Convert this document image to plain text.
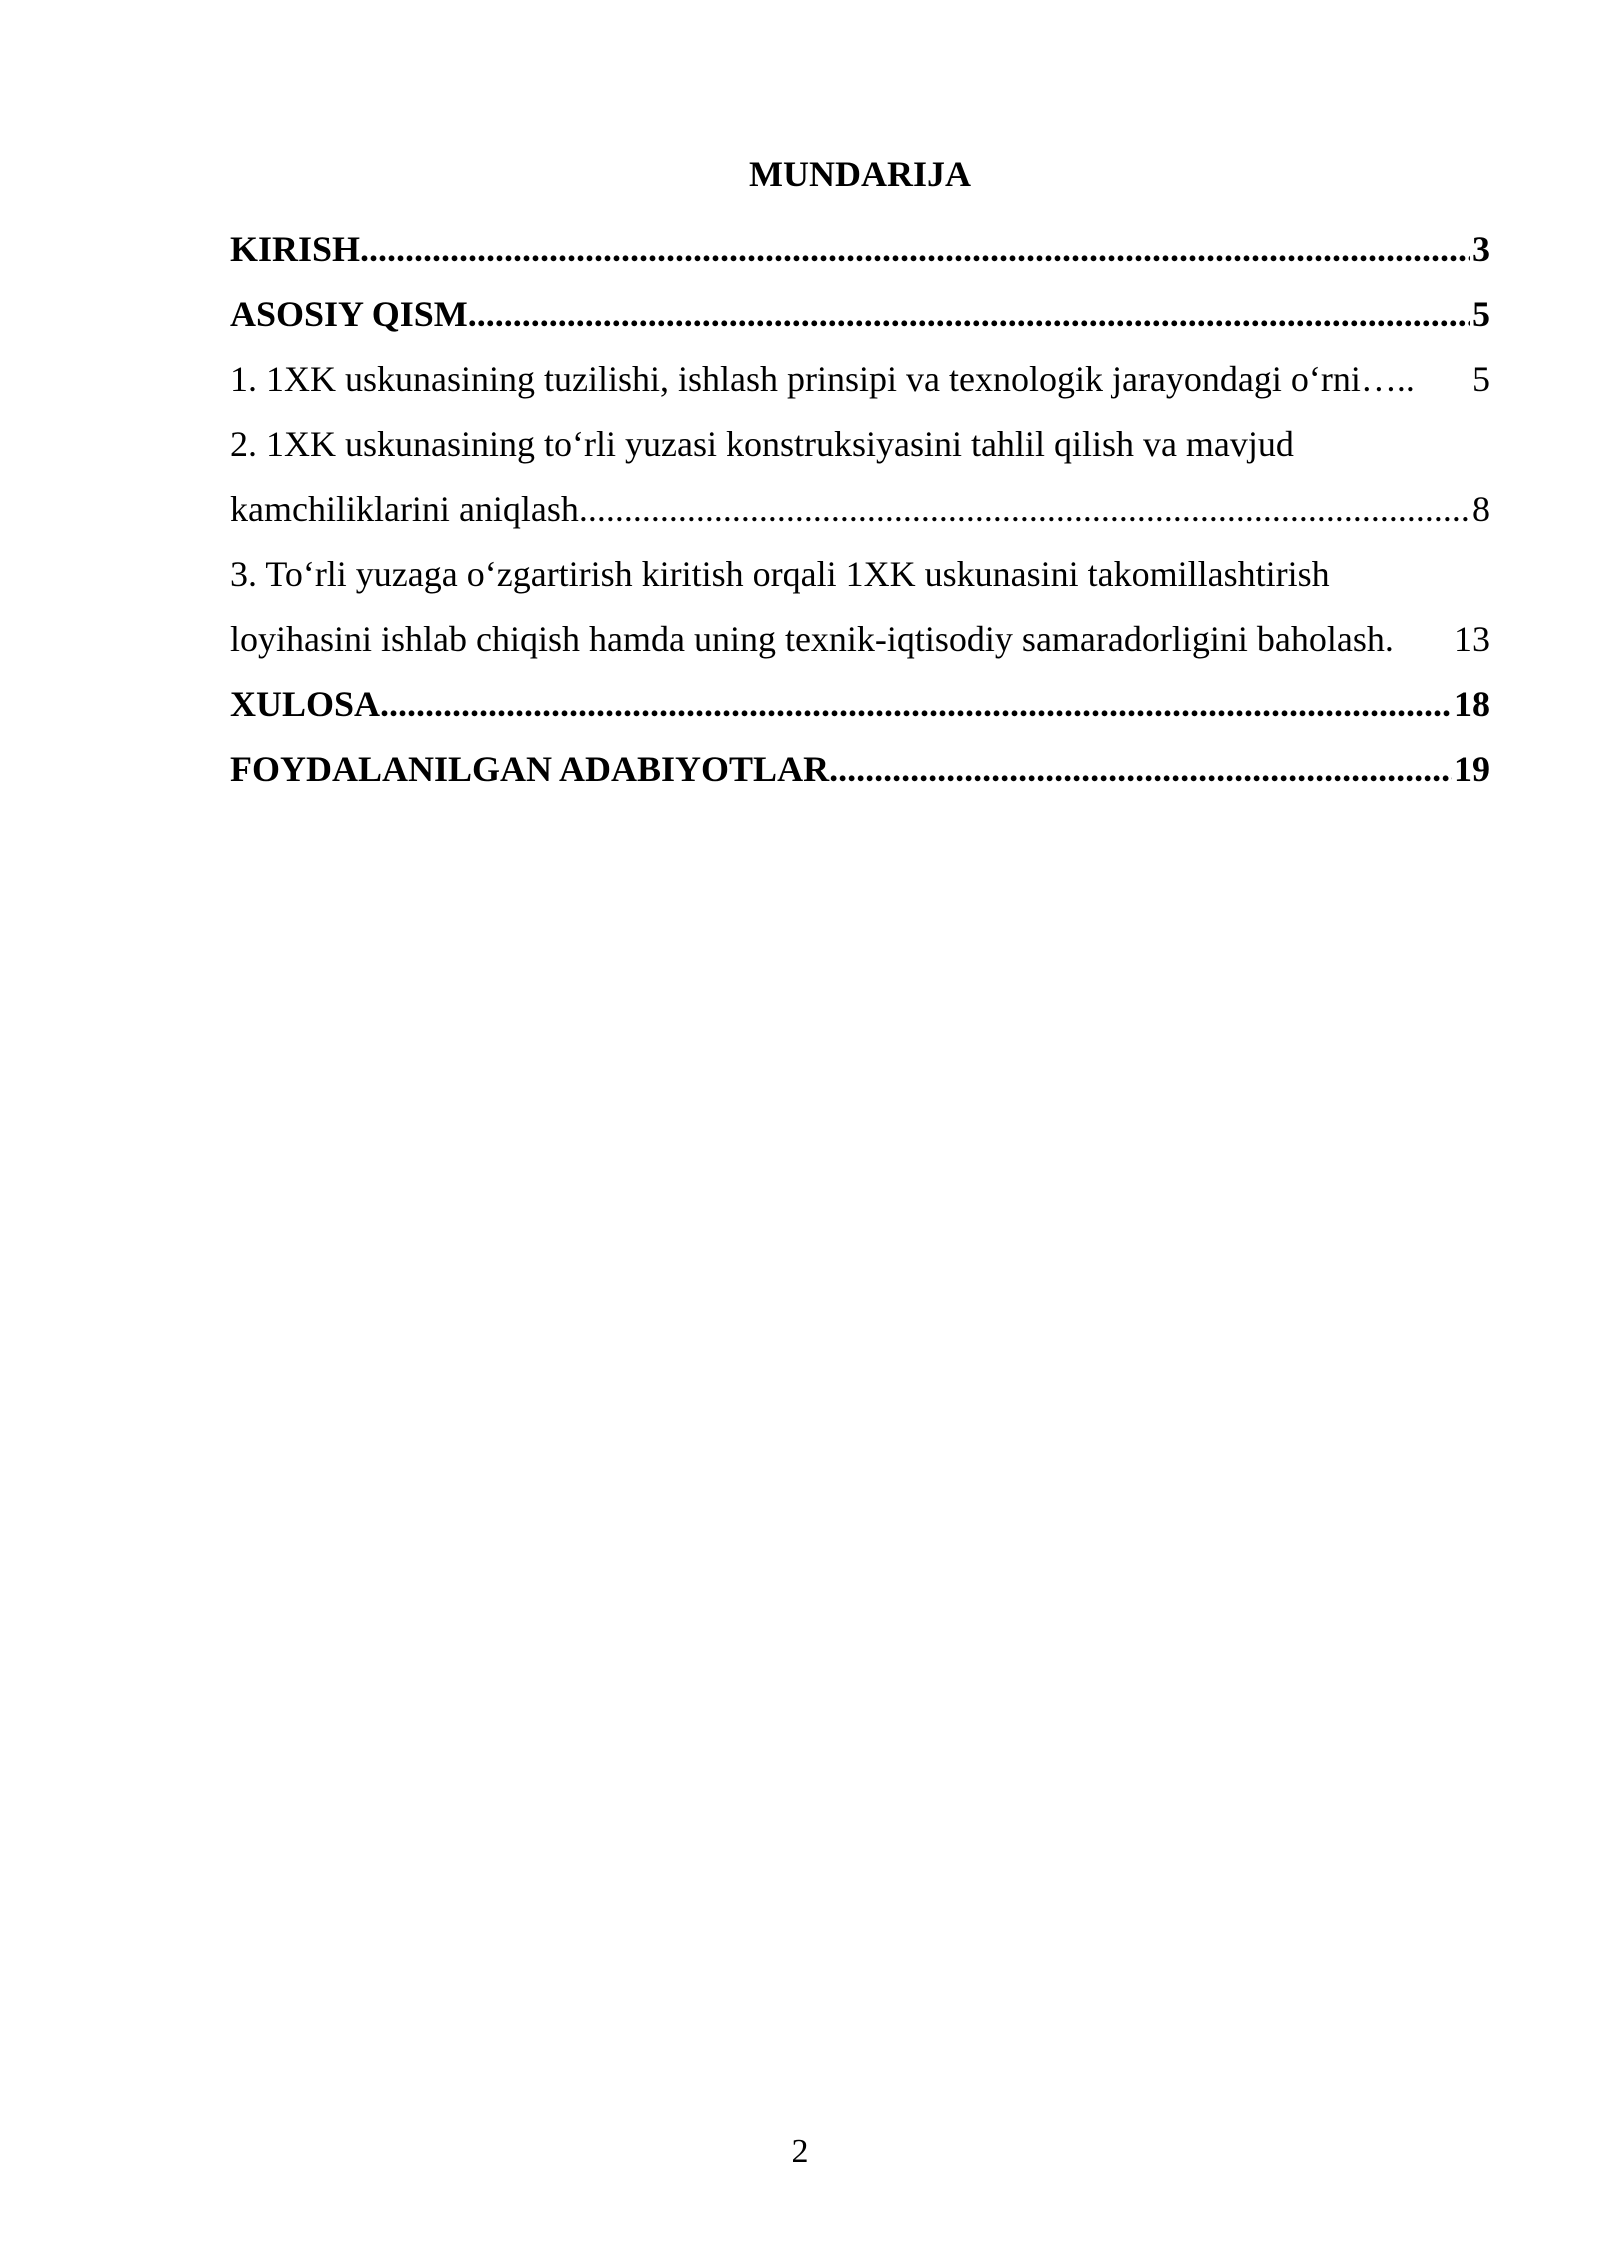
MUNDARIJA
KIRISH .....	3
ASOSIY QISM .....	5
1. 1XK uskunasining tuzilishi, ishlash prinsipi va texnologik jarayondagi o‘rni…..	5
2. 1XK uskunasining to‘rli yuzasi konstruksiyasini tahlil qilish va mavjud
kamchiliklarini aniqlash .....	8
3. To‘rli yuzaga o‘zgartirish kiritish orqali 1XK uskunasini takomillashtirish
loyihasini ishlab chiqish hamda uning texnik-iqtisodiy samaradorligini baholash.	13
XULOSA .....	18
FOYDALANILGAN ADABIYOTLAR .....	19
2
